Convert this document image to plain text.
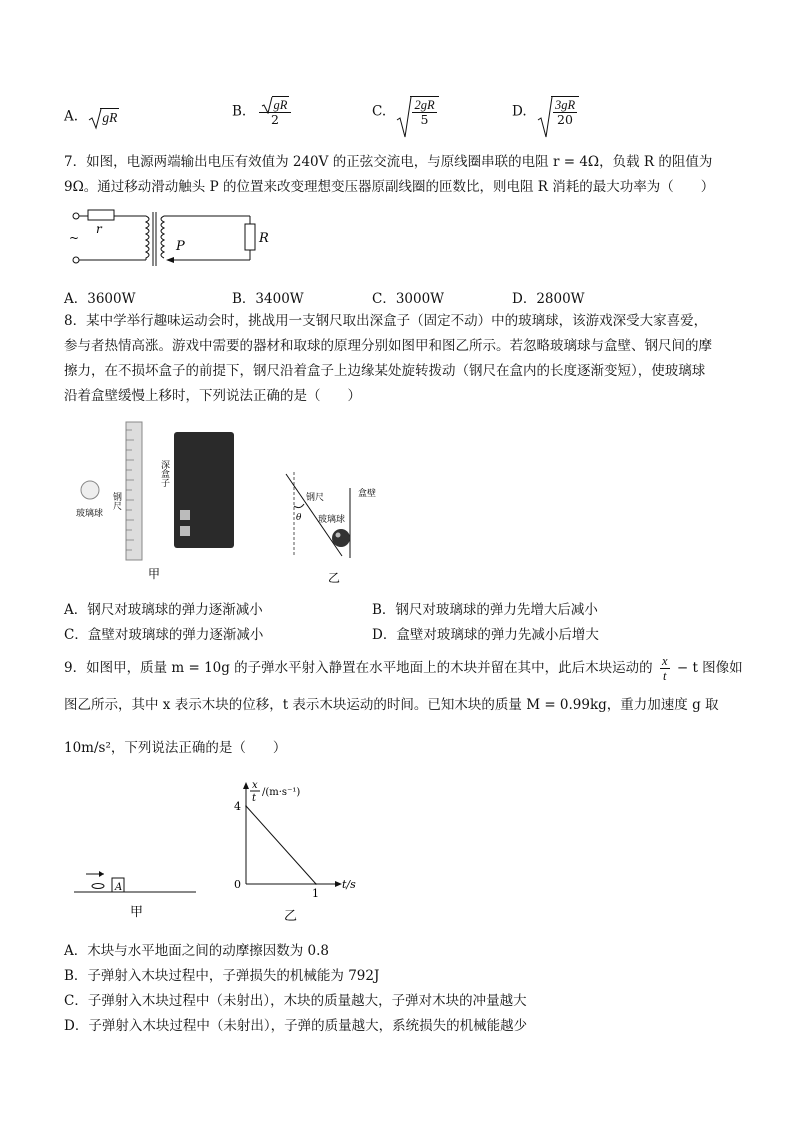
A. gR	B. $\frac{gR}{2}$	C. $\frac{2gR}{5}$	D. $\frac{3gR}{20}$
7．如图，电源两端输出电压有效值为 240V 的正弦交流电，与原线圈串联的电阻 r = 4Ω，负载 R 的阻值为
9Ω。通过移动滑动触头 P 的位置来改变理想变压器原副线圈的匝数比，则电阻 R 消耗的最大功率为（　　）
~
r
P
R
A．3600W	B．3400W	C．3000W	D．2800W
8．某中学举行趣味运动会时，挑战用一支钢尺取出深盒子（固定不动）中的玻璃球，该游戏深受大家喜爱，
参与者热情高涨。游戏中需要的器材和取球的原理分别如图甲和图乙所示。若忽略玻璃球与盒壁、钢尺间的摩
擦力，在不损坏盒子的前提下，钢尺沿着盒子上边缘某处旋转拨动（钢尺在盒内的长度逐渐变短），使玻璃球
沿着盒壁缓慢上移时，下列说法正确的是（　　）
玻璃球
钢尺
深盒子
甲
盒壁
钢尺
玻璃球
θ
乙
A．钢尺对玻璃球的弹力逐渐减小	B．钢尺对玻璃球的弹力先增大后减小
C．盒壁对玻璃球的弹力逐渐减小	D．盒壁对玻璃球的弹力先减小后增大
9．如图甲，质量 m = 10g 的子弹水平射入静置在水平地面上的木块并留在其中，此后木块运动的 $\frac{x}{t} - t$ 图像如
图乙所示，其中 x 表示木块的位移，t 表示木块运动的时间。已知木块的质量 M = 0.99kg，重力加速度 g 取
10m/s²，下列说法正确的是（　　）
A
甲
x
t
/(m·s⁻¹)
t/s
4
0
1
乙
A．木块与水平地面之间的动摩擦因数为 0.8
B．子弹射入木块过程中，子弹损失的机械能为 792J
C．子弹射入木块过程中（未射出），木块的质量越大，子弹对木块的冲量越大
D．子弹射入木块过程中（未射出），子弹的质量越大，系统损失的机械能越少
